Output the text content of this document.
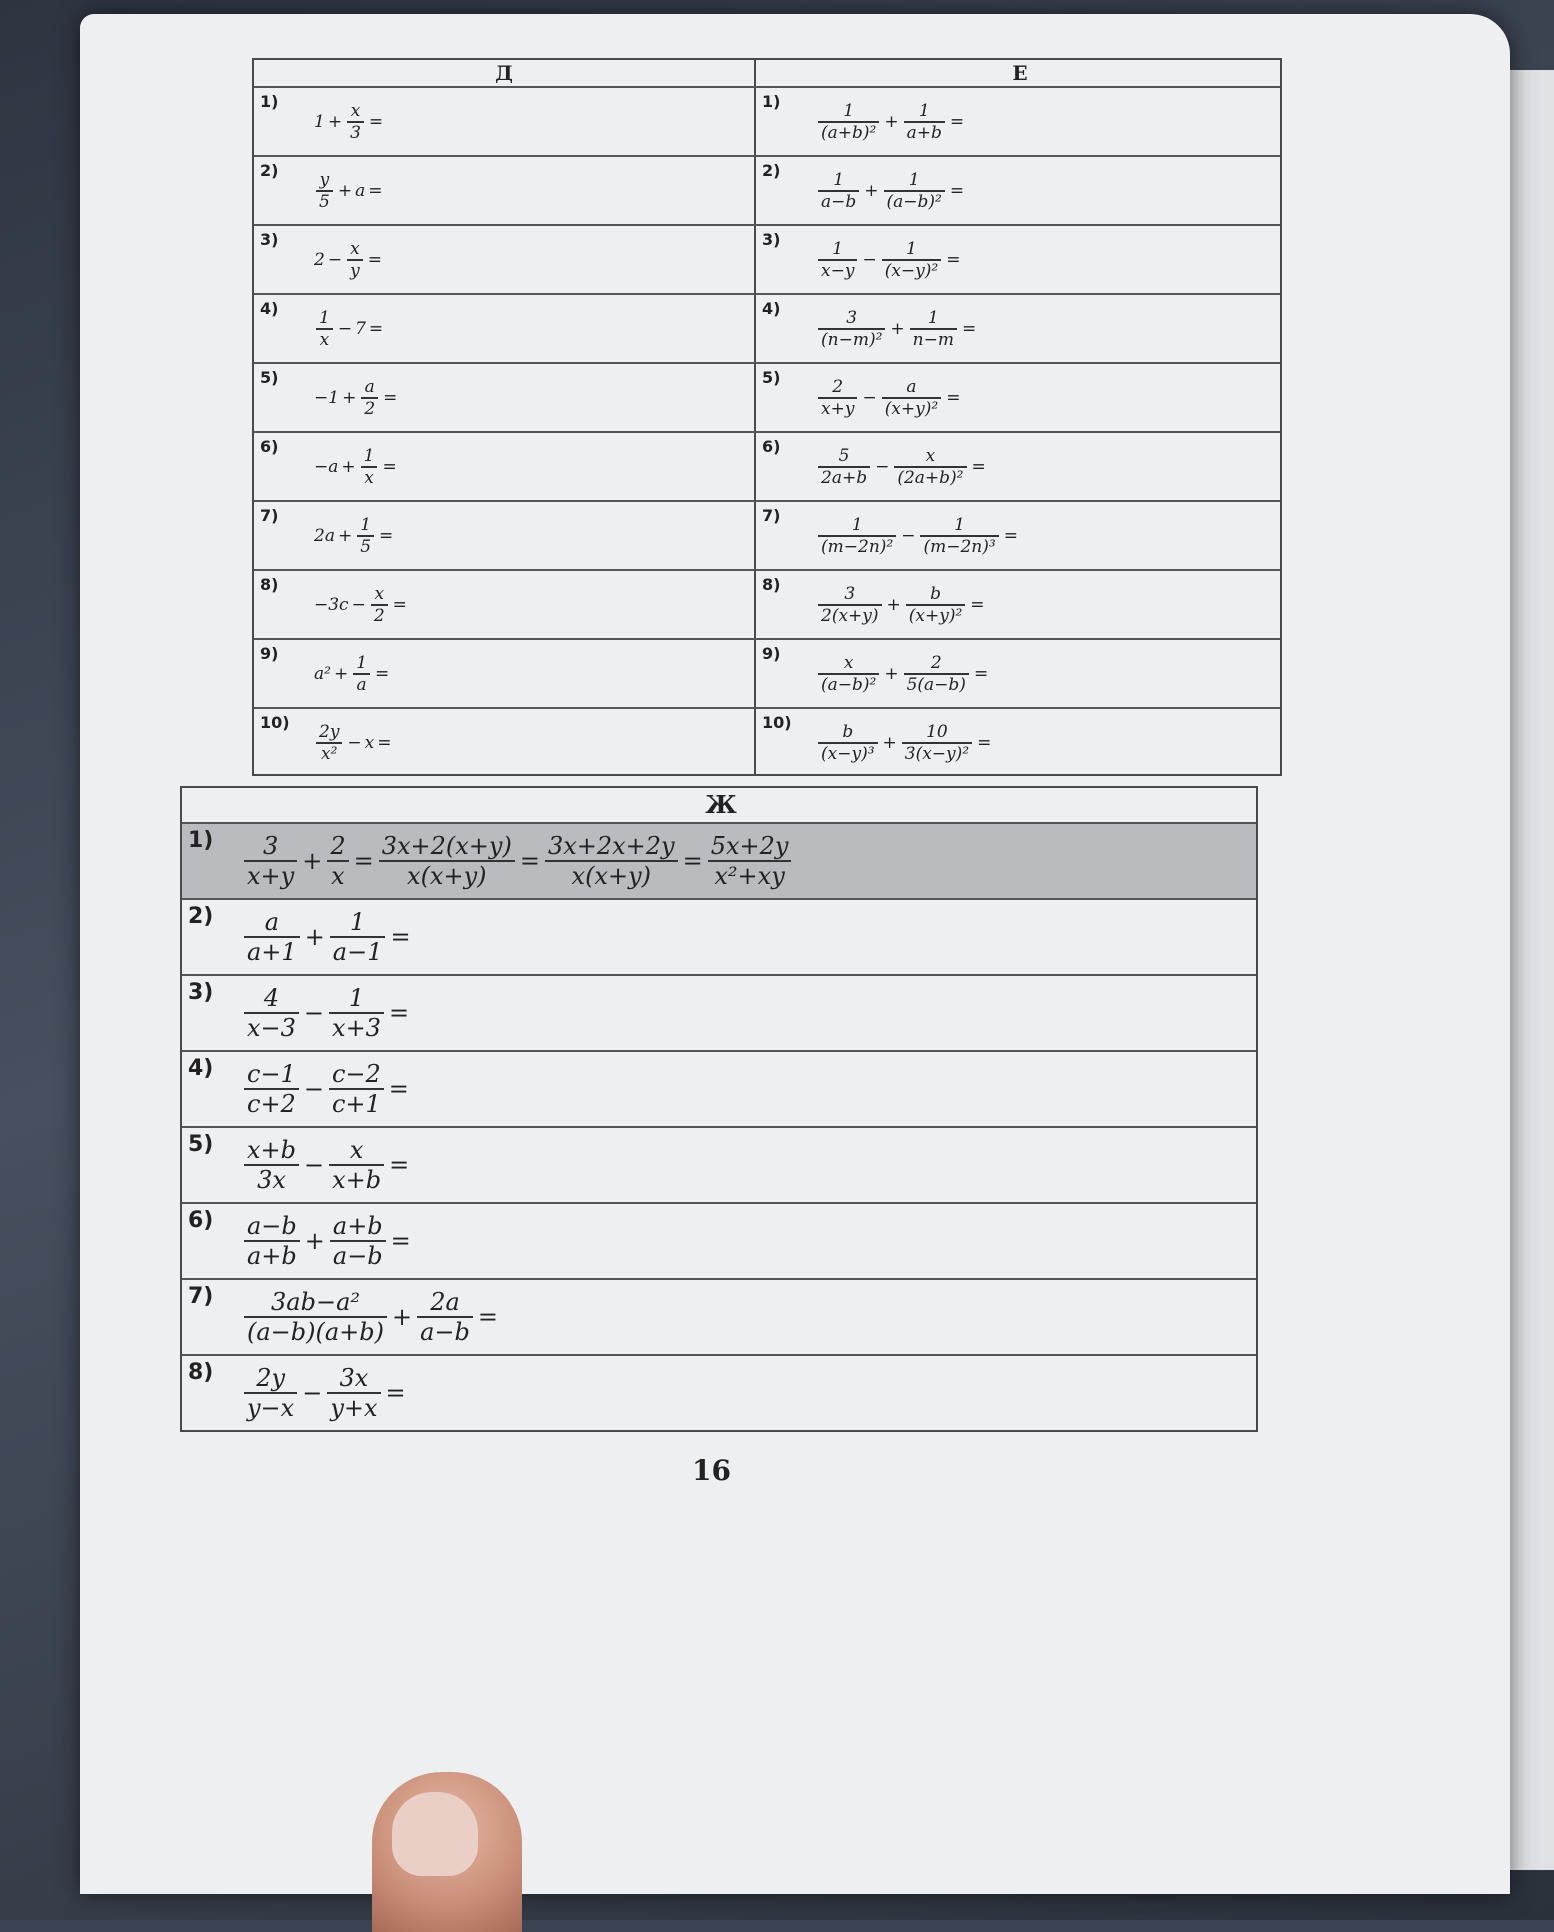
Д	Е
1)
$1 + \frac{x}{3}$ =
$1) \frac{1}{\text{(a+b)²}} + \frac{1}{a+b}$ =
$2) \frac{y}{5} + a$ =
$2) \frac{1}{a-b} + \frac{1}{\text{(a−b)²}}$ =
3)
$2 - \frac{x}{y}$ =
$3) \frac{1}{x-y} - \frac{1}{\text{(x−y)²}}$ =
$4) \frac{1}{x} - 7$ =
$4) \frac{3}{\text{(n−m)²}} + \frac{1}{n-m}$ =
5)
$-1 + \frac{a}{2}$ =
$5) \frac{2}{x+y} - \frac{a}{\text{(x+y)²}}$ =
6)
$-a + \frac{1}{x}$ =
$6) \frac{5}{2a+b} - \frac{x}{\text{(2a+b)²}}$ =
7)
$2a + \frac{1}{5}$ =
$7) \frac{1}{\text{(m−2n)²}} - \frac{1}{\text{(m−2n)³}}$ =
8)
$-3c - \frac{x}{2}$ =
$8) \frac{3}{2(x+y)} + \frac{b}{\text{(x+y)²}}$ =
9)
$a^2 + \frac{1}{a}$ =
$9) \frac{x}{\text{(a−b)²}} + \frac{2}{5(a-b)}$ =
$10) \frac{2y}{\text{x²}} - x$ =
$10) \frac{b}{\text{(x−y)³}} + \frac{10}{\text{3(x−y)²}}$ =
Ж
$1) \frac{3}{x+y} + \frac{2}{x} = \frac{3x+2(x+y)}{x(x+y)} = \frac{3x+2x+2y}{x(x+y)} = \frac{5x+2y}{\text{x²+xy}}$
$2) \frac{a}{a+1} + \frac{1}{a-1}$ =
$3) \frac{4}{x-3} - \frac{1}{x+3}$ =
$4) \frac{c-1}{c+2} - \frac{c-2}{c+1}$ =
$5) \frac{x+b}{3x} - \frac{x}{x+b}$ =
$6) \frac{a-b}{a+b} + \frac{a+b}{a-b}$ =
$7) \frac{\text{3ab−a²}}{(a-b)(a+b)} + \frac{2a}{a-b}$ =
$8) \frac{2y}{y-x} - \frac{3x}{y+x}$ =
16
